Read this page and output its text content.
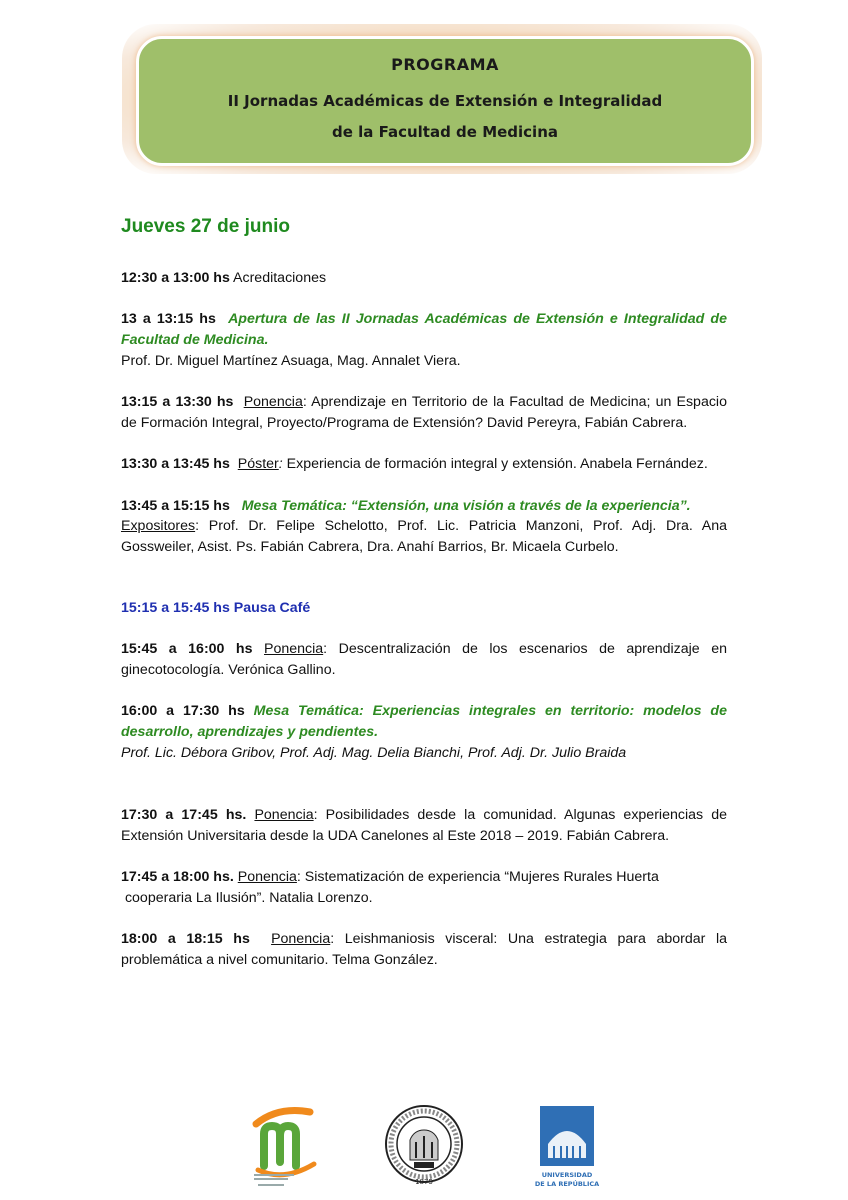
PROGRAMA
II Jornadas Académicas de Extensión e Integralidad
de la Facultad de Medicina
Jueves 27 de junio

12:30 a 13:00 hs Acreditaciones

13 a 13:15 hs Apertura de las II Jornadas Académicas de Extensión e Integralidad de Facultad de Medicina.
Prof. Dr. Miguel Martínez Asuaga, Mag. Annalet Viera.

13:15 a 13:30 hs Ponencia: Aprendizaje en Territorio de la Facultad de Medicina; un Espacio de Formación Integral, Proyecto/Programa de Extensión? David Pereyra, Fabián Cabrera.

13:30 a 13:45 hs Póster: Experiencia de formación integral y extensión. Anabela Fernández.

13:45 a 15:15 hs Mesa Temática: “Extensión, una visión a través de la experiencia”.
Expositores: Prof. Dr. Felipe Schelotto, Prof. Lic. Patricia Manzoni, Prof. Adj. Dra. Ana Gossweiler, Asist. Ps. Fabián Cabrera, Dra. Anahí Barrios, Br. Micaela Curbelo.

15:15 a 15:45 hs Pausa Café

15:45 a 16:00 hs Ponencia: Descentralización de los escenarios de aprendizaje en ginecotocología. Verónica Gallino.

16:00 a 17:30 hs Mesa Temática: Experiencias integrales en territorio: modelos de desarrollo, aprendizajes y pendientes.
Prof. Lic. Débora Gribov, Prof. Adj. Mag. Delia Bianchi, Prof. Adj. Dr. Julio Braida

17:30 a 17:45 hs. Ponencia: Posibilidades desde la comunidad. Algunas experiencias de Extensión Universitaria desde la UDA Canelones al Este 2018 – 2019. Fabián Cabrera.

17:45 a 18:00 hs. Ponencia: Sistematización de experiencia “Mujeres Rurales Huerta
cooperaria La Ilusión”. Natalia Lorenzo.

18:00 a 18:15 hs Ponencia: Leishmaniosis visceral: Una estrategia para abordar la problemática a nivel comunitario. Telma González.

1875
UNIVERSIDAD
DE LA REPÚBLICA
